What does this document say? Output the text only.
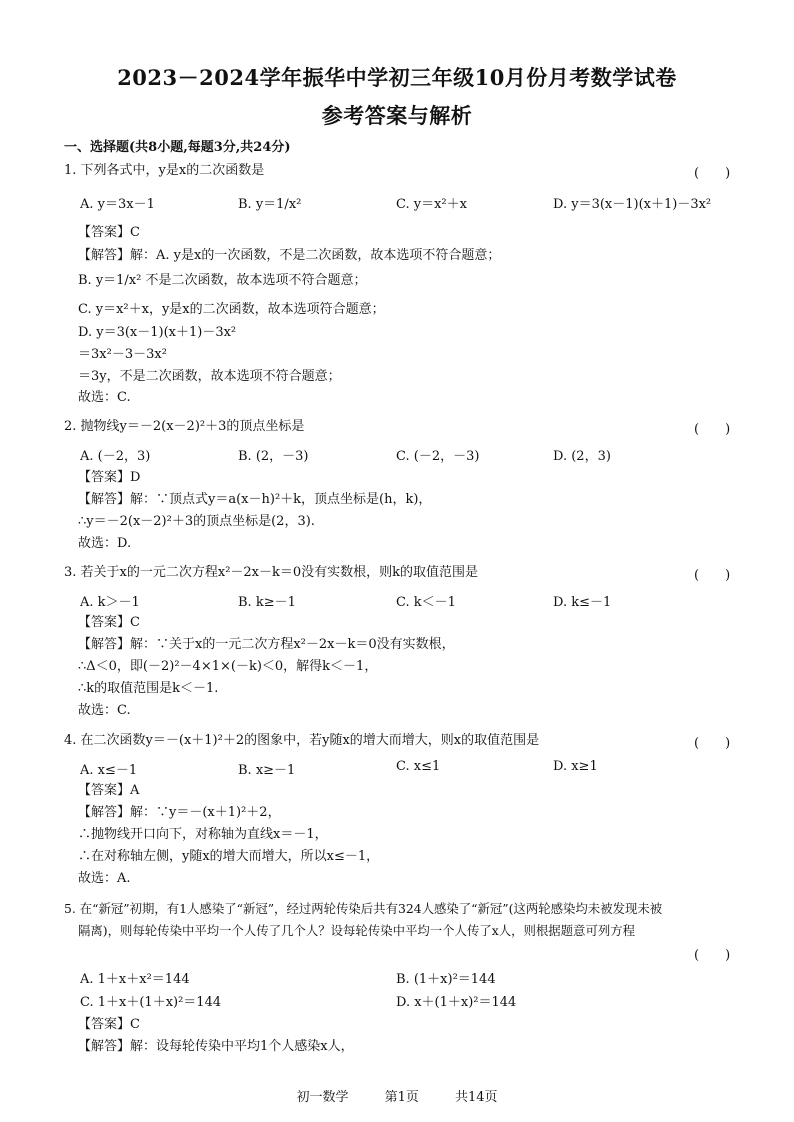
2023－2024学年振华中学初三年级10月份月考数学试卷
参考答案与解析
一、选择题(共8小题,每题3分,共24分)
1. 下列各式中，y是x的二次函数是	(　　)
A. y＝3x－1	B. y＝1/x²	C. y＝x²＋x	D. y＝3(x－1)(x＋1)－3x²
【答案】C
【解答】解：A. y是x的一次函数，不是二次函数，故本选项不符合题意；
B. y＝1/x² 不是二次函数，故本选项不符合题意；
C. y＝x²＋x，y是x的二次函数，故本选项符合题意；
D. y＝3(x－1)(x＋1)－3x²
＝3x²－3－3x²
＝3y，不是二次函数，故本选项不符合题意；
故选：C.
2. 抛物线y＝－2(x－2)²＋3的顶点坐标是	(　　)
A. (－2，3)	B. (2，－3)	C. (－2，－3)	D. (2，3)
【答案】D
【解答】解：∵顶点式y＝a(x－h)²＋k，顶点坐标是(h，k)，
∴y＝－2(x－2)²＋3的顶点坐标是(2，3).
故选：D.
3. 若关于x的一元二次方程x²－2x－k＝0没有实数根，则k的取值范围是	(　　)
A. k＞－1	B. k≥－1	C. k＜－1	D. k≤－1
【答案】C
【解答】解：∵关于x的一元二次方程x²－2x－k＝0没有实数根，
∴Δ＜0，即(－2)²－4×1×(－k)＜0，解得k＜－1，
∴k的取值范围是k＜－1.
故选：C.
4. 在二次函数y＝－(x＋1)²＋2的图象中，若y随x的增大而增大，则x的取值范围是	(　　)
A. x≤－1	B. x≥－1	C. x≤1	D. x≥1
【答案】A
【解答】解：∵y＝－(x＋1)²＋2，
∴抛物线开口向下，对称轴为直线x＝－1，
∴在对称轴左侧，y随x的增大而增大，所以x≤－1，
故选：A.
5. 在“新冠”初期，有1人感染了“新冠”，经过两轮传染后共有324人感染了“新冠”(这两轮感染均未被发现未被
隔离)，则每轮传染中平均一个人传了几个人？设每轮传染中平均一个人传了x人，则根据题意可列方程
(　　)
A. 1＋x＋x²＝144	B. (1＋x)²＝144
C. 1＋x＋(1＋x)²＝144	D. x＋(1＋x)²＝144
【答案】C
【解答】解：设每轮传染中平均1个人感染x人，
初一数学	第1页	共14页
